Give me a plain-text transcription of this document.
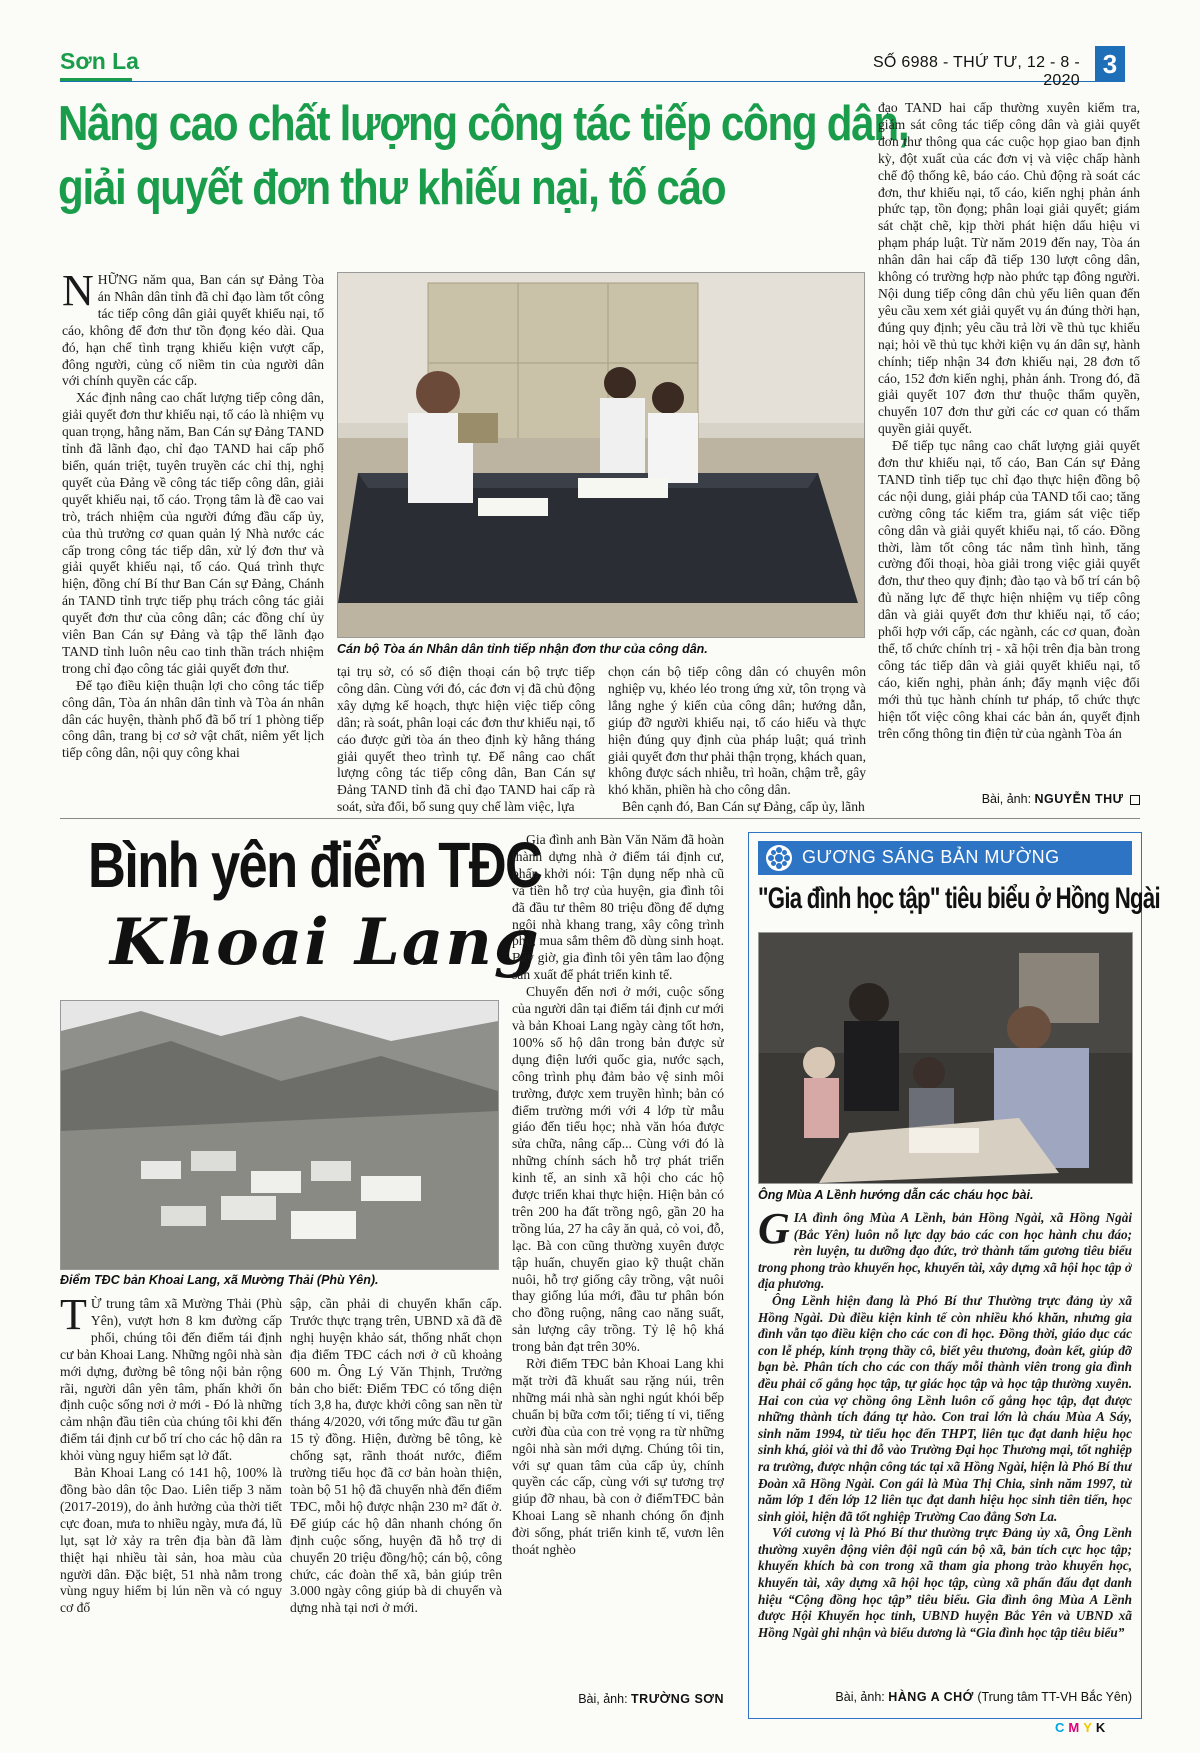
Sơn La	SỐ 6988 - THỨ TƯ, 12 - 8 - 2020
3
Nâng cao chất lượng công tác tiếp công dân,
giải quyết đơn thư khiếu nại, tố cáo

NHỮNG năm qua, Ban cán sự Đảng Tòa án Nhân dân tỉnh đã chỉ đạo làm tốt công tác tiếp công dân giải quyết khiếu nại, tố cáo, không để đơn thư tồn đọng kéo dài. Qua đó, hạn chế tình trạng khiếu kiện vượt cấp, đông người, củng cố niềm tin của người dân với chính quyền các cấp.

Xác định nâng cao chất lượng tiếp công dân, giải quyết đơn thư khiếu nại, tố cáo là nhiệm vụ quan trọng, hằng năm, Ban Cán sự Đảng TAND tỉnh đã lãnh đạo, chỉ đạo TAND hai cấp phổ biến, quán triệt, tuyên truyền các chỉ thị, nghị quyết của Đảng về công tác tiếp công dân, giải quyết khiếu nại, tố cáo. Trọng tâm là đề cao vai trò, trách nhiệm của người đứng đầu cấp ủy, của thủ trưởng cơ quan quản lý Nhà nước các cấp trong công tác tiếp dân, xử lý đơn thư và giải quyết khiếu nại, tố cáo. Quá trình thực hiện, đồng chí Bí thư Ban Cán sự Đảng, Chánh án TAND tỉnh trực tiếp phụ trách công tác giải quyết đơn thư của công dân; các đồng chí ủy viên Ban Cán sự Đảng và tập thể lãnh đạo TAND tỉnh luôn nêu cao tinh thần trách nhiệm trong chỉ đạo công tác giải quyết đơn thư.

Để tạo điều kiện thuận lợi cho công tác tiếp công dân, Tòa án nhân dân tỉnh và Tòa án nhân dân các huyện, thành phố đã bố trí 1 phòng tiếp công dân, trang bị cơ sở vật chất, niêm yết lịch tiếp công dân, nội quy công khai

Cán bộ Tòa án Nhân dân tỉnh tiếp nhận đơn thư của công dân.

tại trụ sở, có số điện thoại cán bộ trực tiếp công dân. Cùng với đó, các đơn vị đã chủ động xây dựng kế hoạch, thực hiện việc tiếp công dân; rà soát, phân loại các đơn thư khiếu nại, tố cáo được gửi tòa án theo định kỳ hằng tháng giải quyết theo trình tự. Để nâng cao chất lượng công tác tiếp công dân, Ban Cán sự Đảng TAND tỉnh đã chỉ đạo TAND hai cấp rà soát, sửa đổi, bổ sung quy chế làm việc, lựa

chọn cán bộ tiếp công dân có chuyên môn nghiệp vụ, khéo léo trong ứng xử, tôn trọng và lắng nghe ý kiến của công dân; hướng dẫn, giúp đỡ người khiếu nại, tố cáo hiểu và thực hiện đúng quy định của pháp luật; quá trình giải quyết đơn thư phải thận trọng, khách quan, không được sách nhiễu, trì hoãn, chậm trễ, gây khó khăn, phiền hà cho công dân.

Bên cạnh đó, Ban Cán sự Đảng, cấp ủy, lãnh

đạo TAND hai cấp thường xuyên kiểm tra, giám sát công tác tiếp công dân và giải quyết đơn thư thông qua các cuộc họp giao ban định kỳ, đột xuất của các đơn vị và việc chấp hành chế độ thống kê, báo cáo. Chủ động rà soát các đơn, thư khiếu nại, tố cáo, kiến nghị phản ánh phức tạp, tồn đọng; phân loại giải quyết; giám sát chặt chẽ, kịp thời phát hiện dấu hiệu vi phạm pháp luật. Từ năm 2019 đến nay, Tòa án nhân dân hai cấp đã tiếp 130 lượt công dân, không có trường hợp nào phức tạp đông người. Nội dung tiếp công dân chủ yếu liên quan đến yêu cầu xem xét giải quyết vụ án đúng thời hạn, đúng quy định; yêu cầu trả lời về thủ tục khiếu nại; hỏi về thủ tục khởi kiện vụ án dân sự, hành chính; tiếp nhận 34 đơn khiếu nại, 28 đơn tố cáo, 152 đơn kiến nghị, phản ánh. Trong đó, đã giải quyết 107 đơn thư thuộc thẩm quyền, chuyển 107 đơn thư gửi các cơ quan có thẩm quyền giải quyết.

Để tiếp tục nâng cao chất lượng giải quyết đơn thư khiếu nại, tố cáo, Ban Cán sự Đảng TAND tỉnh tiếp tục chỉ đạo thực hiện đồng bộ các nội dung, giải pháp của TAND tối cao; tăng cường công tác kiểm tra, giám sát việc tiếp công dân và giải quyết khiếu nại, tố cáo. Đồng thời, làm tốt công tác nắm tình hình, tăng cường đối thoại, hòa giải trong việc giải quyết đơn, thư theo quy định; đào tạo và bố trí cán bộ đủ năng lực để thực hiện nhiệm vụ tiếp công dân và giải quyết đơn thư khiếu nại, tố cáo; phối hợp với cấp, các ngành, các cơ quan, đoàn thể, tổ chức chính trị - xã hội trên địa bàn trong công tác tiếp dân và giải quyết khiếu nại, tố cáo, kiến nghị, phản ánh; đẩy mạnh việc đổi mới thủ tục hành chính tư pháp, tổ chức thực hiện tốt việc công khai các bản án, quyết định trên cổng thông tin điện tử của ngành Tòa án

Bài, ảnh: NGUYỄN THƯ
Bình yên điểm TĐC
Khoai Lang
Điểm TĐC bản Khoai Lang, xã Mường Thải (Phù Yên).

T Ừ trung tâm xã Mường Thải (Phù Yên), vượt hơn 8 km đường cấp phối, chúng tôi đến điểm tái định cư bản Khoai Lang. Những ngôi nhà sàn mới dựng, đường bê tông nội bản rộng rãi, người dân yên tâm, phấn khởi ổn định cuộc sống nơi ở mới - Đó là những cảm nhận đầu tiên của chúng tôi khi đến điểm tái định cư bố trí cho các hộ dân ra khỏi vùng nguy hiểm sạt lở đất.

Bản Khoai Lang có 141 hộ, 100% là đồng bào dân tộc Dao. Liên tiếp 3 năm (2017-2019), do ảnh hưởng của thời tiết cực đoan, mưa to nhiều ngày, mưa đá, lũ lụt, sạt lở xảy ra trên địa bàn đã làm thiệt hại nhiều tài sản, hoa màu của người dân. Đặc biệt, 51 nhà nằm trong vùng nguy hiểm bị lún nền và có nguy cơ đổ

sập, cần phải di chuyển khẩn cấp. Trước thực trạng trên, UBND xã đã đề nghị huyện khảo sát, thống nhất chọn địa điểm TĐC cách nơi ở cũ khoảng 600 m. Ông Lý Văn Thịnh, Trưởng bản cho biết: Điểm TĐC có tổng diện tích 3,8 ha, được khởi công san nền từ tháng 4/2020, với tổng mức đầu tư gần 15 tỷ đồng. Hiện, đường bê tông, kè chống sạt, rãnh thoát nước, điểm trường tiểu học đã cơ bản hoàn thiện, toàn bộ 51 hộ đã chuyển nhà đến điểm TĐC, mỗi hộ được nhận 230 m² đất ở. Để giúp các hộ dân nhanh chóng ổn định cuộc sống, huyện đã hỗ trợ di chuyển 20 triệu đồng/hộ; cán bộ, công chức, các đoàn thể xã, bản giúp trên 3.000 ngày công giúp bà di chuyển và dựng nhà tại nơi ở mới.

Gia đình anh Bàn Văn Năm đã hoàn thành dựng nhà ở điểm tái định cư, phấn khởi nói: Tận dụng nếp nhà cũ và tiền hỗ trợ của huyện, gia đình tôi đã đầu tư thêm 80 triệu đồng để dựng ngôi nhà khang trang, xây công trình phụ, mua sắm thêm đồ dùng sinh hoạt. Bây giờ, gia đình tôi yên tâm lao động sản xuất để phát triển kinh tế.

Chuyển đến nơi ở mới, cuộc sống của người dân tại điểm tái định cư mới và bản Khoai Lang ngày càng tốt hơn, 100% số hộ dân trong bản được sử dụng điện lưới quốc gia, nước sạch, công trình phụ đảm bảo vệ sinh môi trường, được xem truyền hình; bản có điểm trường mới với 4 lớp từ mẫu giáo đến tiểu học; nhà văn hóa được sửa chữa, nâng cấp... Cùng với đó là những chính sách hỗ trợ phát triển kinh tế, an sinh xã hội cho các hộ được triển khai thực hiện. Hiện bản có trên 200 ha đất trồng ngô, gần 20 ha trồng lúa, 27 ha cây ăn quả, cỏ voi, đỗ, lạc. Bà con cũng thường xuyên được tập huấn, chuyển giao kỹ thuật chăn nuôi, hỗ trợ giống cây trồng, vật nuôi thay giống lúa mới, đầu tư phân bón cho đồng ruộng, nâng cao năng suất, sản lượng cây trồng. Tỷ lệ hộ khá trong bản đạt trên 30%.

Rời điểm TĐC bản Khoai Lang khi mặt trời đã khuất sau rặng núi, trên những mái nhà sàn nghi ngút khói bếp chuẩn bị bữa cơm tối; tiếng tí vi, tiếng cười đùa của con trẻ vọng ra từ những ngôi nhà sàn mới dựng. Chúng tôi tin, với sự quan tâm của cấp ủy, chính quyền các cấp, cùng với sự tương trợ giúp đỡ nhau, bà con ở điểmTĐC bản Khoai Lang sẽ nhanh chóng ổn định đời sống, phát triển kinh tế, vươn lên thoát nghèo

Bài, ảnh: TRƯỜNG SƠN
GƯƠNG SÁNG BẢN MƯỜNG
"Gia đình học tập" tiêu biểu ở Hồng Ngài
Ông Mùa A Lềnh hướng dẫn các cháu học bài.

GIA đình ông Mùa A Lềnh, bản Hồng Ngài, xã Hồng Ngài (Bắc Yên) luôn nỗ lực dạy bảo các con học hành chu đáo; rèn luyện, tu dưỡng đạo đức, trở thành tấm gương tiêu biểu trong phong trào khuyến học, khuyến tài, xây dựng xã hội học tập ở địa phương.

Ông Lềnh hiện đang là Phó Bí thư Thường trực đảng ủy xã Hồng Ngài. Dù điều kiện kinh tế còn nhiều khó khăn, nhưng gia đình vẫn tạo điều kiện cho các con đi học. Đồng thời, giáo dục các con lễ phép, kính trọng thầy cô, biết yêu thương, đoàn kết, giúp đỡ bạn bè. Phân tích cho các con thấy mỗi thành viên trong gia đình đều phải cố gắng học tập, tự giác học tập và học tập thường xuyên. Hai con của vợ chồng ông Lềnh luôn cố gắng học tập, đạt được những thành tích đáng tự hào. Con trai lớn là cháu Mùa A Sáy, sinh năm 1994, từ tiểu học đến THPT, liên tục đạt danh hiệu học sinh khá, giỏi và thi đỗ vào Trường Đại học Thương mại, tốt nghiệp ra trường, được nhận công tác tại xã Hồng Ngài, hiện là Phó Bí thư Đoàn xã Hồng Ngài. Con gái là Mùa Thị Chia, sinh năm 1997, từ năm lớp 1 đến lớp 12 liên tục đạt danh hiệu học sinh tiên tiến, học sinh giỏi, hiện đã tốt nghiệp Trường Cao đẳng Sơn La.

Với cương vị là Phó Bí thư thường trực Đảng ủy xã, Ông Lềnh thường xuyên động viên đội ngũ cán bộ xã, bản tích cực học tập; khuyến khích bà con trong xã tham gia phong trào khuyến học, khuyến tài, xây dựng xã hội học tập, cùng xã phấn đấu đạt danh hiệu “Cộng đồng học tập” tiêu biểu. Gia đình ông Mùa A Lềnh được Hội Khuyến học tỉnh, UBND huyện Bắc Yên và UBND xã Hồng Ngài ghi nhận và biểu dương là “Gia đình học tập tiêu biểu”

Bài, ảnh: HÀNG A CHỚ (Trung tâm TT-VH Bắc Yên)
CMYK
